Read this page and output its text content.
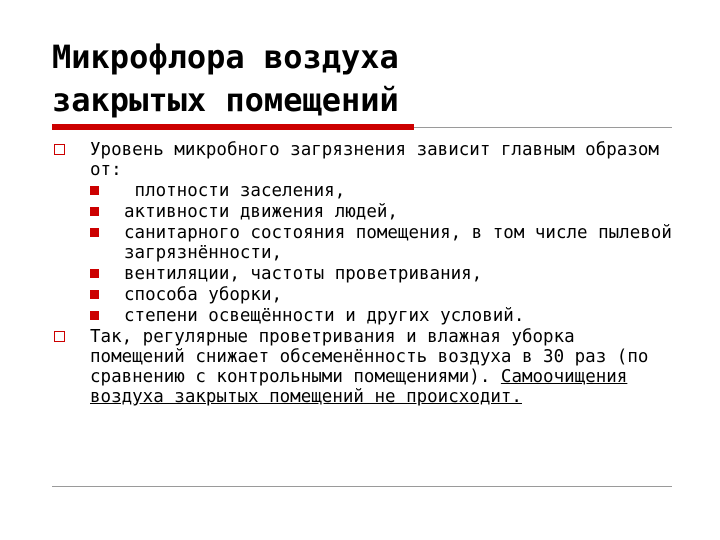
Микрофлора воздуха
закрытых помещений
Уровень микробного загрязнения зависит главным образом от:
плотности заселения,
активности движения людей,
санитарного состояния помещения, в том числе пылевой загрязнённости,
вентиляции, частоты проветривания,
способа уборки,
степени освещённости и других условий.
Так, регулярные проветривания и влажная уборка помещений снижает обсеменённость воздуха в 30 раз (по сравнению с контрольными помещениями). Самоочищения воздуха закрытых помещений не происходит.
